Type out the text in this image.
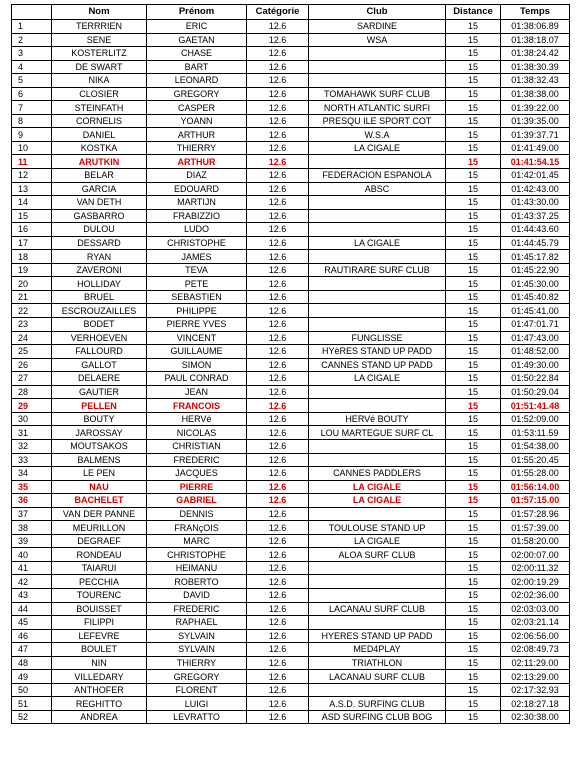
	Nom	Prénom	Catégorie	Club	Distance	Temps
1	TERRRIEN	ERIC	12.6	SARDINE	15	01:38:06.89
2	SENE	GAETAN	12.6	WSA	15	01:38:18.07
3	KOSTERLITZ	CHASE	12.6		15	01:38:24.42
4	DE SWART	BART	12.6		15	01:38:30.39
5	NIKA	LEONARD	12.6		15	01:38:32.43
6	CLOSIER	GREGORY	12.6	TOMAHAWK SURF CLUB	15	01:38:38.00
7	STEINFATH	CASPER	12.6	NORTH ATLANTIC SURFI	15	01:39:22.00
8	CORNELIS	YOANN	12.6	PRESQU ILE SPORT COT	15	01:39:35.00
9	DANIEL	ARTHUR	12.6	W.S.A	15	01:39:37.71
10	KOSTKA	THIERRY	12.6	LA CIGALE	15	01:41:49.00
11	ARUTKIN	ARTHUR	12.6		15	01:41:54.15
12	BELAR	DIAZ	12.6	FEDERACION ESPANOLA	15	01:42:01.45
13	GARCIA	EDOUARD	12.6	ABSC	15	01:42:43.00
14	VAN DETH	MARTIJN	12.6		15	01:43:30.00
15	GASBARRO	FRABIZZIO	12.6		15	01:43:37.25
16	DULOU	LUDO	12.6		15	01:44:43.60
17	DESSARD	CHRISTOPHE	12.6	LA CIGALE	15	01:44:45.79
18	RYAN	JAMES	12.6		15	01:45:17.82
19	ZAVERONI	TEVA	12.6	RAUTIRARE SURF CLUB	15	01:45:22.90
20	HOLLIDAY	PETE	12.6		15	01:45:30.00
21	BRUEL	SEBASTIEN	12.6		15	01:45:40.82
22	ESCROUZAILLES	PHILIPPE	12.6		15	01:45:41.00
23	BODET	PIERRE YVES	12.6		15	01:47:01.71
24	VERHOEVEN	VINCENT	12.6	FUNGLISSE	15	01:47:43.00
25	FALLOURD	GUILLAUME	12.6	HYèRES STAND UP PADD	15	01:48:52.00
26	GALLOT	SIMON	12.6	CANNES STAND UP PADD	15	01:49:30.00
27	DELAERE	PAUL CONRAD	12.6	LA CIGALE	15	01:50:22.84
28	GAUTIER	JEAN	12.6		15	01:50:29.04
29	PELLEN	FRANCOIS	12.6		15	01:51:41.48
30	BOUTY	HERVé	12.6	HERVé BOUTY	15	01:52:09.00
31	JAROSSAY	NICOLAS	12.6	LOU MARTEGUE SURF CL	15	01:53:11.59
32	MOUTSAKOS	CHRISTIAN	12.6		15	01:54:38.00
33	BALMENS	FREDERIC	12.6		15	01:55:20.45
34	LE PEN	JACQUES	12.6	CANNES PADDLERS	15	01:55:28.00
35	NAU	PIERRE	12.6	LA CIGALE	15	01:56:14.00
36	BACHELET	GABRIEL	12.6	LA CIGALE	15	01:57:15.00
37	VAN DER PANNE	DENNIS	12.6		15	01:57:28.96
38	MEURILLON	FRANçOIS	12.6	TOULOUSE STAND UP	15	01:57:39.00
39	DEGRAEF	MARC	12.6	LA CIGALE	15	01:58:20.00
40	RONDEAU	CHRISTOPHE	12.6	ALOA SURF CLUB	15	02:00:07.00
41	TAIARUI	HEIMANU	12.6		15	02:00:11.32
42	PECCHIA	ROBERTO	12.6		15	02:00:19.29
43	TOURENC	DAVID	12.6		15	02:02:36.00
44	BOUISSET	FREDERIC	12.6	LACANAU SURF CLUB	15	02:03:03.00
45	FILIPPI	RAPHAEL	12.6		15	02:03:21.14
46	LEFEVRE	SYLVAIN	12.6	HYERES STAND UP PADD	15	02:06:56.00
47	BOULET	SYLVAIN	12.6	MED4PLAY	15	02:08:49.73
48	NIN	THIERRY	12.6	TRIATHLON	15	02:11:29.00
49	VILLEDARY	GREGORY	12.6	LACANAU SURF CLUB	15	02:13:29.00
50	ANTHOFER	FLORENT	12.6		15	02:17:32.93
51	REGHITTO	LUIGI	12.6	A.S.D. SURFING CLUB	15	02:18:27.18
52	ANDREA	LEVRATTO	12.6	ASD SURFING CLUB BOG	15	02:30:38.00
